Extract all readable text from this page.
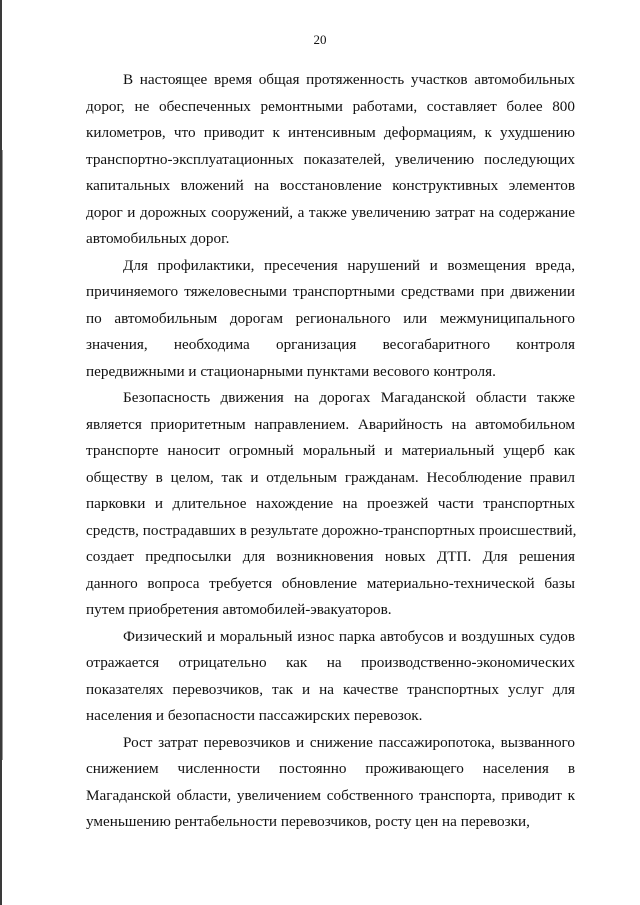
20
В настоящее время общая протяженность участков автомобильных
дорог, не обеспеченных ремонтными работами, составляет более 800
километров, что приводит к интенсивным деформациям, к ухудшению
транспортно-эксплуатационных показателей, увеличению последующих
капитальных вложений на восстановление конструктивных элементов
дорог и дорожных сооружений, а также увеличению затрат на содержание
автомобильных дорог.
Для профилактики, пресечения нарушений и возмещения вреда,
причиняемого тяжеловесными транспортными средствами при движении
по автомобильным дорогам регионального или межмуниципального
значения, необходима организация весогабаритного контроля
передвижными и стационарными пунктами весового контроля.
Безопасность движения на дорогах Магаданской области также
является приоритетным направлением. Аварийность на автомобильном
транспорте наносит огромный моральный и материальный ущерб как
обществу в целом, так и отдельным гражданам. Несоблюдение правил
парковки и длительное нахождение на проезжей части транспортных
средств, пострадавших в результате дорожно-транспортных происшествий,
создает предпосылки для возникновения новых ДТП. Для решения
данного вопроса требуется обновление материально-технической базы
путем приобретения автомобилей-эвакуаторов.
Физический и моральный износ парка автобусов и воздушных судов
отражается отрицательно как на производственно-экономических
показателях перевозчиков, так и на качестве транспортных услуг для
населения и безопасности пассажирских перевозок.
Рост затрат перевозчиков и снижение пассажиропотока, вызванного
снижением численности постоянно проживающего населения в
Магаданской области, увеличением собственного транспорта, приводит к
уменьшению рентабельности перевозчиков, росту цен на перевозки,
